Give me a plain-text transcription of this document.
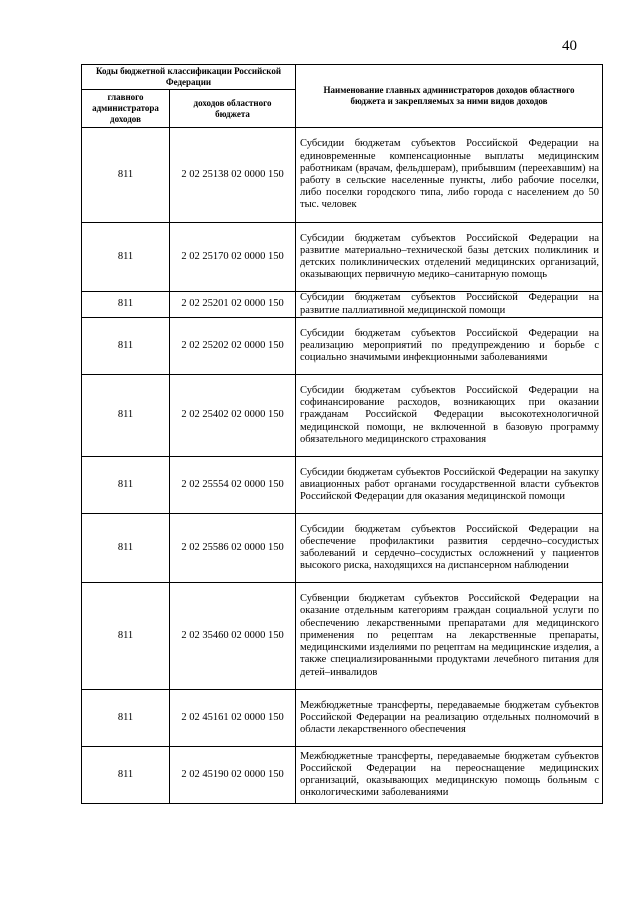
40
Коды бюджетной классификации Российской Федерации		Наименование главных администраторов доходов областного бюджета и закрепляемых за ними видов доходов
главного администратора доходов	доходов областного бюджета	
811	2 02 25138 02 0000 150	Субсидии бюджетам субъектов Российской Федерации на единовременные компенсационные выплаты медицинским работникам (врачам, фельдшерам), прибывшим (переехавшим) на работу в сельские населенные пункты, либо рабочие поселки, либо поселки городского типа, либо города с населением до 50 тыс. человек
811	2 02 25170 02 0000 150	Субсидии бюджетам субъектов Российской Федерации на развитие материально–технической базы детских поликлиник и детских поликлинических отделений медицинских организаций, оказывающих первичную медико–санитарную помощь
811	2 02 25201 02 0000 150	Субсидии бюджетам субъектов Российской Федерации на развитие паллиативной медицинской помощи
811	2 02 25202 02 0000 150	Субсидии бюджетам субъектов Российской Федерации на реализацию мероприятий по предупреждению и борьбе с социально значимыми инфекционными заболеваниями
811	2 02 25402 02 0000 150	Субсидии бюджетам субъектов Российской Федерации на софинансирование расходов, возникающих при оказании гражданам Российской Федерации высокотехнологичной медицинской помощи, не включенной в базовую программу обязательного медицинского страхования
811	2 02 25554 02 0000 150	Субсидии бюджетам субъектов Российской Федерации на закупку авиационных работ органами государственной власти субъектов Российской Федерации для оказания медицинской помощи
811	2 02 25586 02 0000 150	Субсидии бюджетам субъектов Российской Федерации на обеспечение профилактики развития сердечно–сосудистых заболеваний и сердечно–сосудистых осложнений у пациентов высокого риска, находящихся на диспансерном наблюдении
811	2 02 35460 02 0000 150	Субвенции бюджетам субъектов Российской Федерации на оказание отдельным категориям граждан социальной услуги по обеспечению лекарственными препаратами для медицинского применения по рецептам на лекарственные препараты, медицинскими изделиями по рецептам на медицинские изделия, а также специализированными продуктами лечебного питания для детей–инвалидов
811	2 02 45161 02 0000 150	Межбюджетные трансферты, передаваемые бюджетам субъектов Российской Федерации на реализацию отдельных полномочий в области лекарственного обеспечения
811	2 02 45190 02 0000 150	Межбюджетные трансферты, передаваемые бюджетам субъектов Российской Федерации на переоснащение медицинских организаций, оказывающих медицинскую помощь больным с онкологическими заболеваниями
